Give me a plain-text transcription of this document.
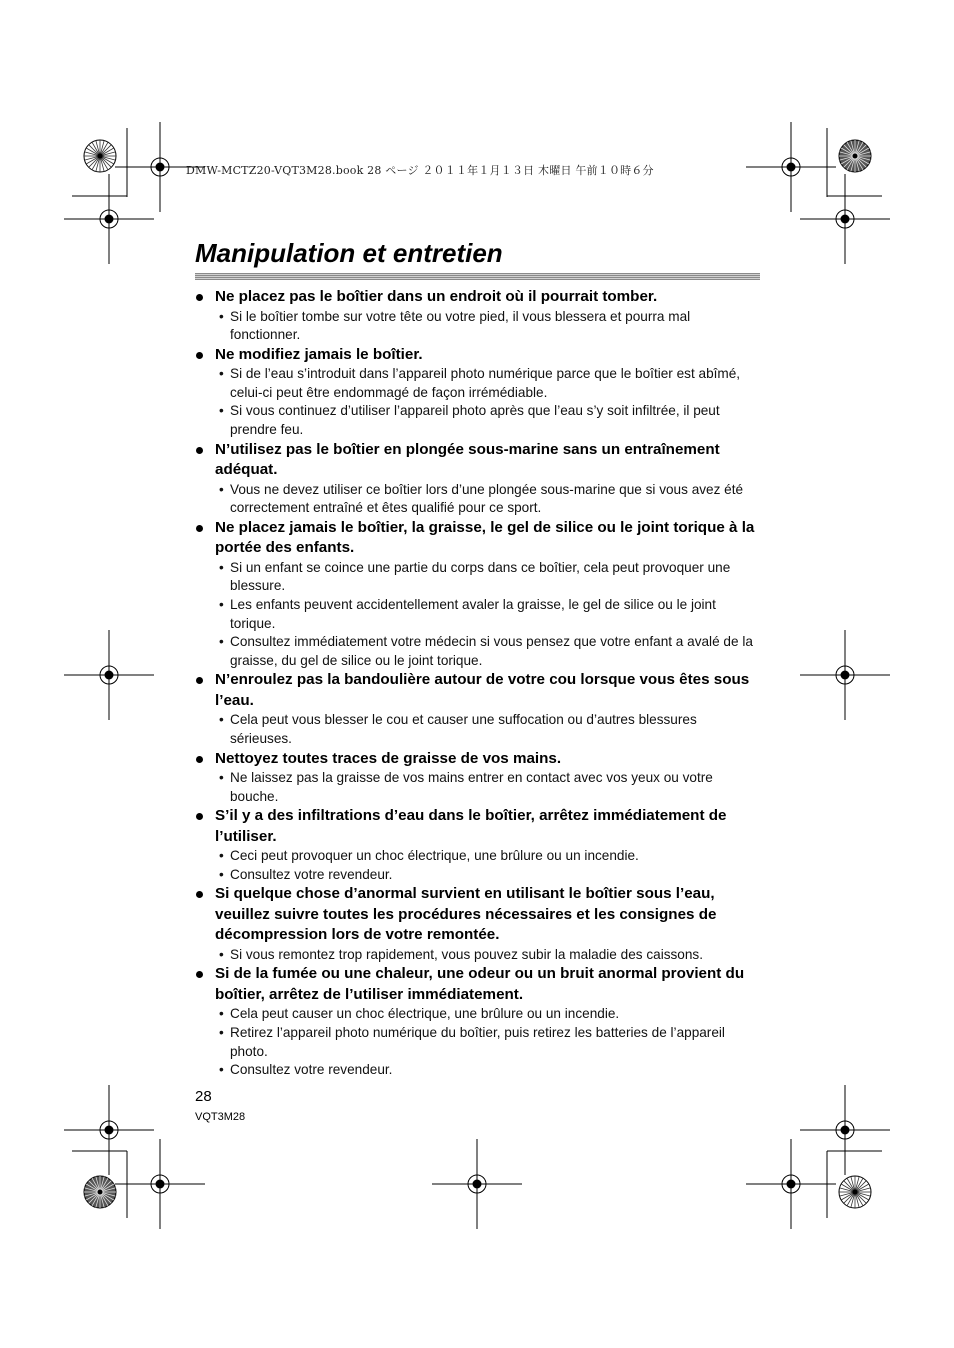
DMW-MCTZ20-VQT3M28.book 28 ページ ２０１１年１月１３日 木曜日 午前１０時６分
Manipulation et entretien

Ne placez pas le boîtier dans un endroit où il pourrait tomber.

• Si le boîtier tombe sur votre tête ou votre pied, il vous blessera et pourra mal fonctionner.

Ne modifiez jamais le boîtier.

• Si de l’eau s’introduit dans l’appareil photo numérique parce que le boîtier est abîmé, celui-ci peut être endommagé de façon irrémédiable.
• Si vous continuez d’utiliser l’appareil photo après que l’eau s’y soit infiltrée, il peut prendre feu.

N’utilisez pas le boîtier en plongée sous-marine sans un entraînement adéquat.

• Vous ne devez utiliser ce boîtier lors d’une plongée sous-marine que si vous avez été correctement entraîné et êtes qualifié pour ce sport.

Ne placez jamais le boîtier, la graisse, le gel de silice ou le joint torique à la portée des enfants.

• Si un enfant se coince une partie du corps dans ce boîtier, cela peut provoquer une blessure.
• Les enfants peuvent accidentellement avaler la graisse, le gel de silice ou le joint torique.
• Consultez immédiatement votre médecin si vous pensez que votre enfant a avalé de la graisse, du gel de silice ou le joint torique.

N’enroulez pas la bandoulière autour de votre cou lorsque vous êtes sous l’eau.

• Cela peut vous blesser le cou et causer une suffocation ou d’autres blessures sérieuses.

Nettoyez toutes traces de graisse de vos mains.

• Ne laissez pas la graisse de vos mains entrer en contact avec vos yeux ou votre bouche.

S’il y a des infiltrations d’eau dans le boîtier, arrêtez immédiatement de l’utiliser.

• Ceci peut provoquer un choc électrique, une brûlure ou un incendie.
• Consultez votre revendeur.

Si quelque chose d’anormal survient en utilisant le boîtier sous l’eau, veuillez suivre toutes les procédures nécessaires et les consignes de décompression lors de votre remontée.

• Si vous remontez trop rapidement, vous pouvez subir la maladie des caissons.

Si de la fumée ou une chaleur, une odeur ou un bruit anormal provient du boîtier, arrêtez de l’utiliser immédiatement.

• Cela peut causer un choc électrique, une brûlure ou un incendie.
• Retirez l’appareil photo numérique du boîtier, puis retirez les batteries de l’appareil photo.
• Consultez votre revendeur.
28
VQT3M28
